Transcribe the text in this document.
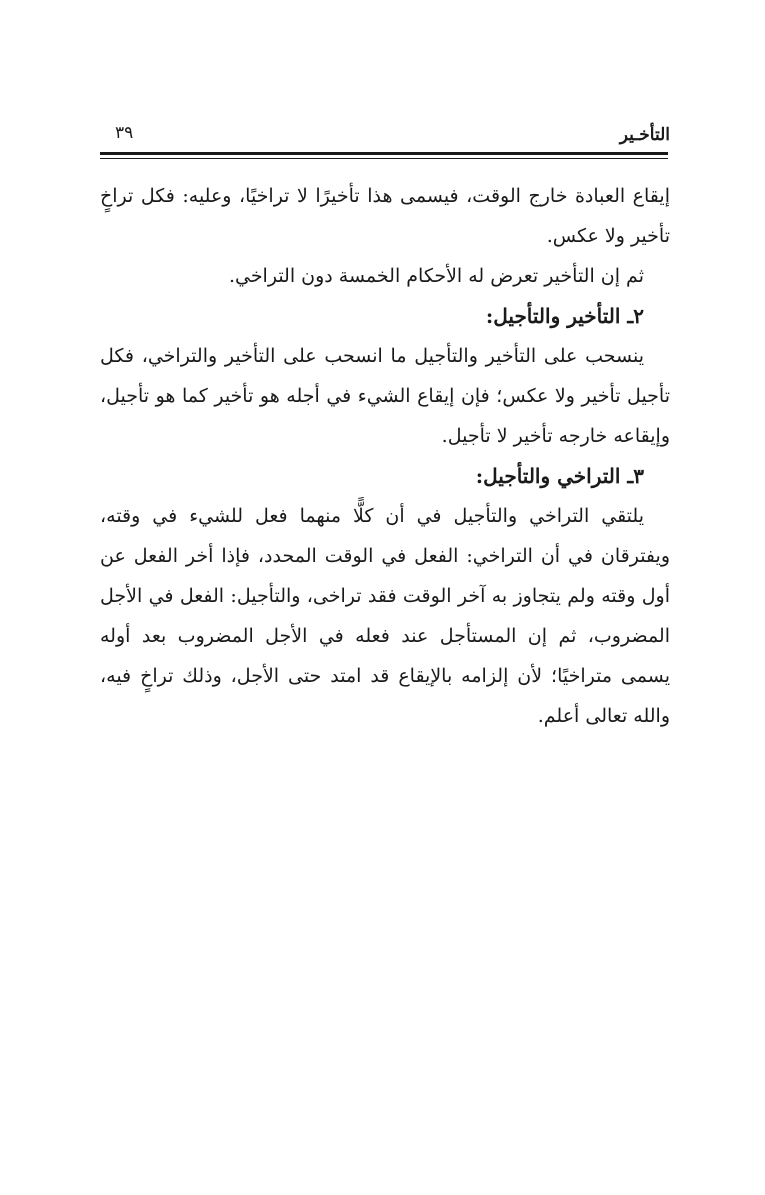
التأخـير
٣٩

إيقاع العبادة خارج الوقت، فيسمى هذا تأخيرًا لا تراخيًا، وعليه: فكل تراخٍ تأخير ولا عكس.

ثم إن التأخير تعرض له الأحكام الخمسة دون التراخي.

٢ـ التأخير والتأجيل:

ينسحب على التأخير والتأجيل ما انسحب على التأخير والتراخي، فكل تأجيل تأخير ولا عكس؛ فإن إيقاع الشيء في أجله هو تأخير كما هو تأجيل، وإيقاعه خارجه تأخير لا تأجيل.

٣ـ التراخي والتأجيل:

يلتقي التراخي والتأجيل في أن كلًّا منهما فعل للشيء في وقته، ويفترقان في أن التراخي: الفعل في الوقت المحدد، فإذا أخر الفعل عن أول وقته ولم يتجاوز به آخر الوقت فقد تراخى، والتأجيل: الفعل في الأجل المضروب، ثم إن المستأجل عند فعله في الأجل المضروب بعد أوله يسمى متراخيًا؛ لأن إلزامه بالإيقاع قد امتد حتى الأجل، وذلك تراخٍ فيه، والله تعالى أعلم.
